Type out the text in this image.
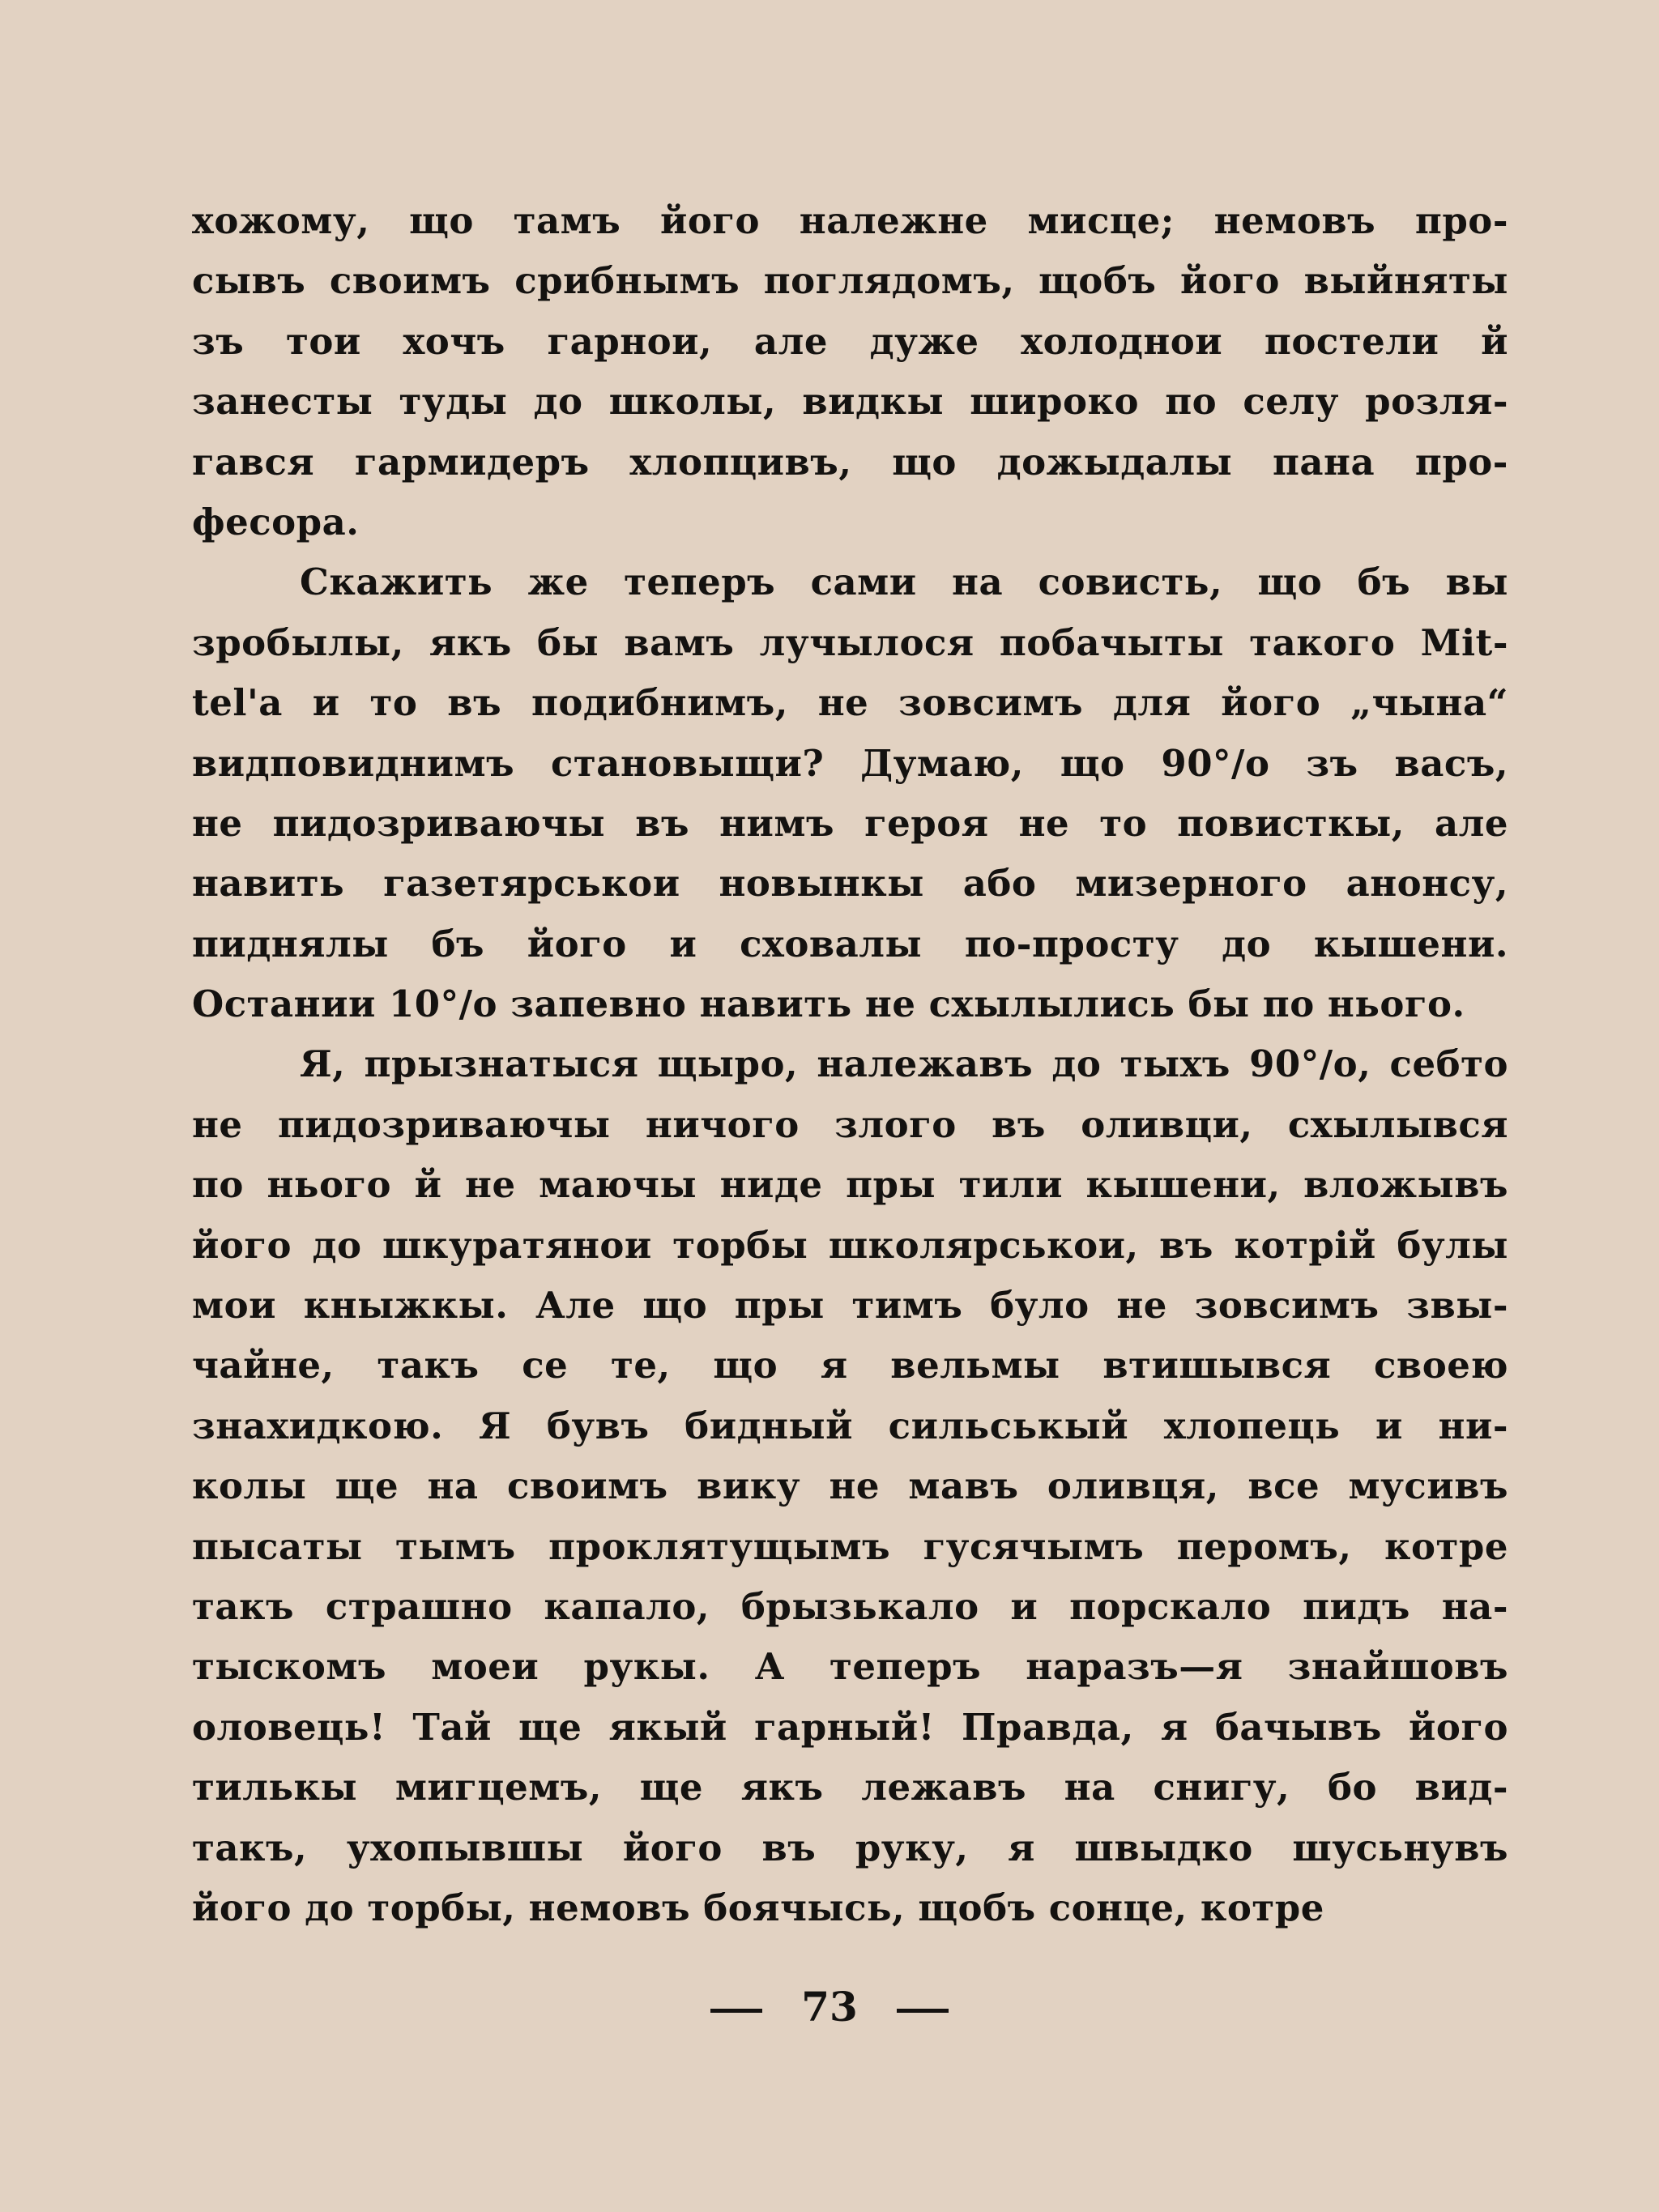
хожому, що тамъ його належне мисце; немовъ про-
сывъ своимъ срибнымъ поглядомъ, щобъ його выйняты
зъ тои хочъ гарнои, але дуже холоднои постели й
занесты туды до школы, видкы широко по селу розля-
гався гармидеръ хлопцивъ, що дожыдалы пана про-
фесора.
Скажить же теперъ сами на совисть, що бъ вы
зробылы, якъ бы вамъ лучылося побачыты такого Mit-
tel'a и то въ подибнимъ, не зовсимъ для його „чына“
видповиднимъ становыщи? Думаю, що 90°/o зъ васъ,
не пидозриваючы въ нимъ героя не то повисткы, але
навить газетярськои новынкы або мизерного анонсу,
пиднялы бъ його и сховалы по-просту до кышени.
Остании 10°/o запевно навить не схылылись бы по нього.
Я, прызнатыся щыро, належавъ до тыхъ 90°/o, себто
не пидозриваючы ничого злого въ оливци, схылывся
по нього й не маючы ниде пры тили кышени, вложывъ
його до шкуратянои торбы школярськои, въ котрій булы
мои кныжкы. Але що пры тимъ було не зовсимъ звы-
чайне, такъ се те, що я вельмы втишывся своею
знахидкою. Я бувъ бидный сильськый хлопець и ни-
колы ще на своимъ вику не мавъ оливця, все мусивъ
пысаты тымъ проклятущымъ гусячымъ перомъ, котре
такъ страшно капало, брызькало и порскало пидъ на-
тыскомъ моеи рукы. А теперъ наразъ—я знайшовъ
оловець! Тай ще якый гарный! Правда, я бачывъ його
тилькы мигцемъ, ще якъ лежавъ на снигу, бо вид-
такъ, ухопывшы його въ руку, я швыдко шусьнувъ
його до торбы, немовъ боячысь, щобъ сонце, котре
73
